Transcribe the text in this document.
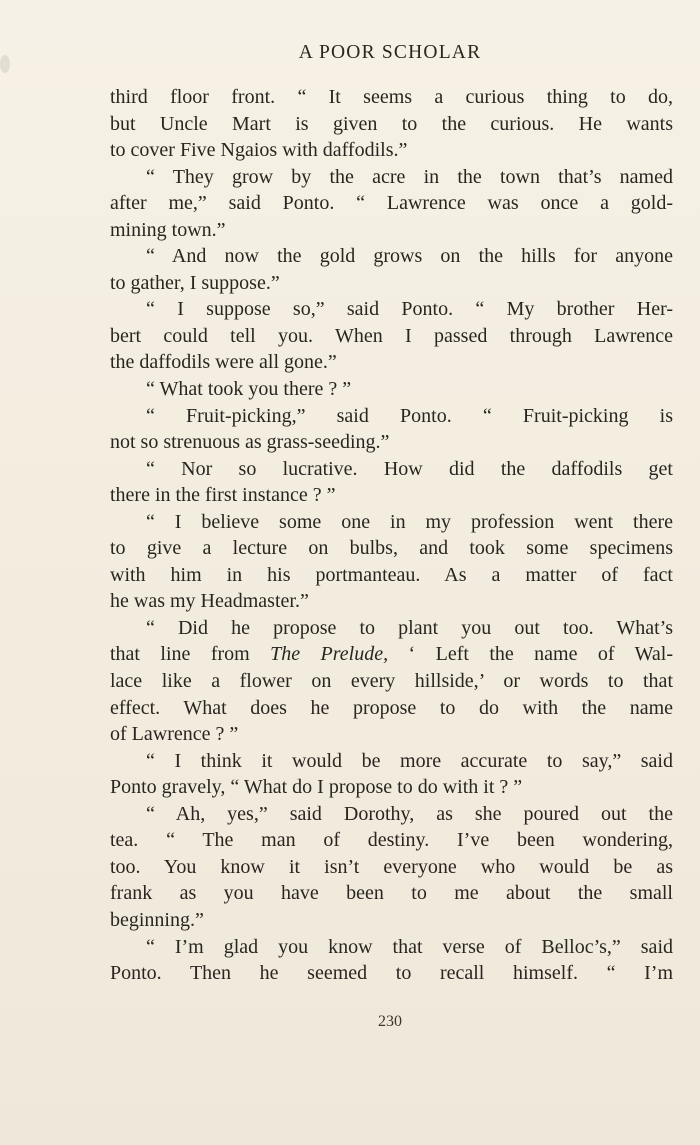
A POOR SCHOLAR
third floor front. “ It seems a curious thing to do,
but Uncle Mart is given to the curious. He wants
to cover Five Ngaios with daffodils.”
“ They grow by the acre in the town that’s named
after me,” said Ponto. “ Lawrence was once a gold-
mining town.”
“ And now the gold grows on the hills for anyone
to gather, I suppose.”
“ I suppose so,” said Ponto. “ My brother Her-
bert could tell you. When I passed through Lawrence
the daffodils were all gone.”
“ What took you there ? ”
“ Fruit-picking,” said Ponto. “ Fruit-picking is
not so strenuous as grass-seeding.”
“ Nor so lucrative. How did the daffodils get
there in the first instance ? ”
“ I believe some one in my profession went there
to give a lecture on bulbs, and took some specimens
with him in his portmanteau. As a matter of fact
he was my Headmaster.”
“ Did he propose to plant you out too. What’s
that line from The Prelude, ‘ Left the name of Wal-
lace like a flower on every hillside,’ or words to that
effect. What does he propose to do with the name
of Lawrence ? ”
“ I think it would be more accurate to say,” said
Ponto gravely, “ What do I propose to do with it ? ”
“ Ah, yes,” said Dorothy, as she poured out the
tea. “ The man of destiny. I’ve been wondering,
too. You know it isn’t everyone who would be as
frank as you have been to me about the small
beginning.”
“ I’m glad you know that verse of Belloc’s,” said
Ponto. Then he seemed to recall himself. “ I’m
230
